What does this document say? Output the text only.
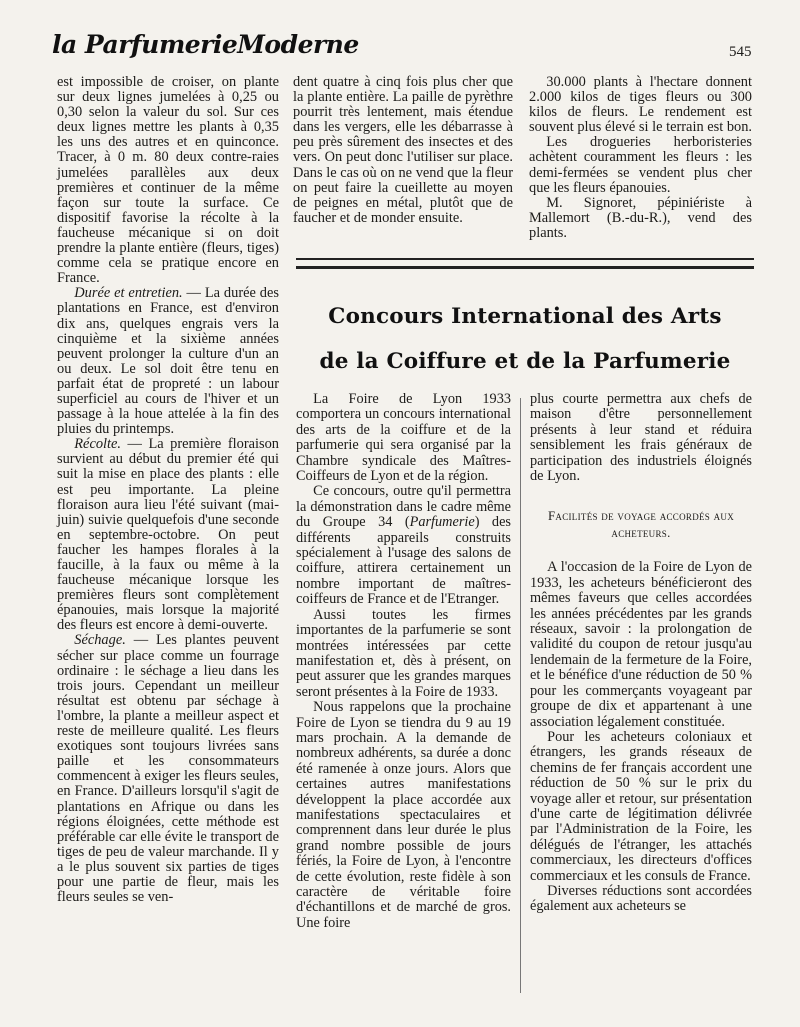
la ParfumerieModerne	545

est impossible de croiser, on plante sur deux lignes jumelées à 0,25 ou 0,30 selon la valeur du sol. Sur ces deux lignes mettre les plants à 0,35 les uns des autres et en quinconce. Tracer, à 0 m. 80 deux contre-raies jumelées parallèles aux deux premières et continuer de la même façon sur toute la surface. Ce dispositif favorise la récolte à la faucheuse mécanique si on doit prendre la plante entière (fleurs, tiges) comme cela se pratique encore en France.

Durée et entretien. — La durée des plantations en France, est d'environ dix ans, quelques engrais vers la cinquième et la sixième années peuvent prolonger la culture d'un an ou deux. Le sol doit être tenu en parfait état de propreté : un labour superficiel au cours de l'hiver et un passage à la houe attelée à la fin des pluies du printemps.

Récolte. — La première floraison survient au début du premier été qui suit la mise en place des plants : elle est peu importante. La pleine floraison aura lieu l'été suivant (mai-juin) suivie quelquefois d'une seconde en septembre-octobre. On peut faucher les hampes florales à la faucille, à la faux ou même à la faucheuse mécanique lorsque les premières fleurs sont complètement épanouies, mais lorsque la majorité des fleurs est encore à demi-ouverte.

Séchage. — Les plantes peuvent sécher sur place comme un fourrage ordinaire : le séchage a lieu dans les trois jours. Cependant un meilleur résultat est obtenu par séchage à l'ombre, la plante a meilleur aspect et reste de meilleure qualité. Les fleurs exotiques sont toujours livrées sans paille et les consommateurs commencent à exiger les fleurs seules, en France. D'ailleurs lorsqu'il s'agit de plantations en Afrique ou dans les régions éloignées, cette méthode est préférable car elle évite le transport de tiges de peu de valeur marchande. Il y a le plus souvent six parties de tiges pour une partie de fleur, mais les fleurs seules se ven-

dent quatre à cinq fois plus cher que la plante entière. La paille de pyrèthre pourrit très lentement, mais étendue dans les vergers, elle les débarrasse à peu près sûrement des insectes et des vers. On peut donc l'utiliser sur place. Dans le cas où on ne vend que la fleur on peut faire la cueillette au moyen de peignes en métal, plutôt que de faucher et de monder ensuite.

30.000 plants à l'hectare donnent 2.000 kilos de tiges fleurs ou 300 kilos de fleurs. Le rendement est souvent plus élevé si le terrain est bon.

Les drogueries herboristeries achètent couramment les fleurs : les demi-fermées se vendent plus cher que les fleurs épanouies.

M. Signoret, pépiniériste à Mallemort (B.-du-R.), vend des plants.

Concours International des Arts
de la Coiffure et de la Parfumerie

La Foire de Lyon 1933 comportera un concours international des arts de la coiffure et de la parfumerie qui sera organisé par la Chambre syndicale des Maîtres-Coiffeurs de Lyon et de la région.

Ce concours, outre qu'il permettra la démonstration dans le cadre même du Groupe 34 (Parfumerie) des différents appareils construits spécialement à l'usage des salons de coiffure, attirera certainement un nombre important de maîtres-coiffeurs de France et de l'Etranger.

Aussi toutes les firmes importantes de la parfumerie se sont montrées intéressées par cette manifestation et, dès à présent, on peut assurer que les grandes marques seront présentes à la Foire de 1933.

Nous rappelons que la prochaine Foire de Lyon se tiendra du 9 au 19 mars prochain. A la demande de nombreux adhérents, sa durée a donc été ramenée à onze jours. Alors que certaines autres manifestations développent la place accordée aux manifestations spectaculaires et comprennent dans leur durée le plus grand nombre possible de jours fériés, la Foire de Lyon, à l'encontre de cette évolution, reste fidèle à son caractère de véritable foire d'échantillons et de marché de gros. Une foire

plus courte permettra aux chefs de maison d'être personnellement présents à leur stand et réduira sensiblement les frais généraux de participation des industriels éloignés de Lyon.

Facilités de voyage accordés aux acheteurs.

A l'occasion de la Foire de Lyon de 1933, les acheteurs bénéficieront des mêmes faveurs que celles accordées les années précédentes par les grands réseaux, savoir : la prolongation de validité du coupon de retour jusqu'au lendemain de la fermeture de la Foire, et le bénéfice d'une réduction de 50 % pour les commerçants voyageant par groupe de dix et appartenant à une association légalement constituée.

Pour les acheteurs coloniaux et étrangers, les grands réseaux de chemins de fer français accordent une réduction de 50 % sur le prix du voyage aller et retour, sur présentation d'une carte de légitimation délivrée par l'Administration de la Foire, les délégués de l'étranger, les attachés commerciaux, les directeurs d'offices commerciaux et les consuls de France.

Diverses réductions sont accordées également aux acheteurs se
